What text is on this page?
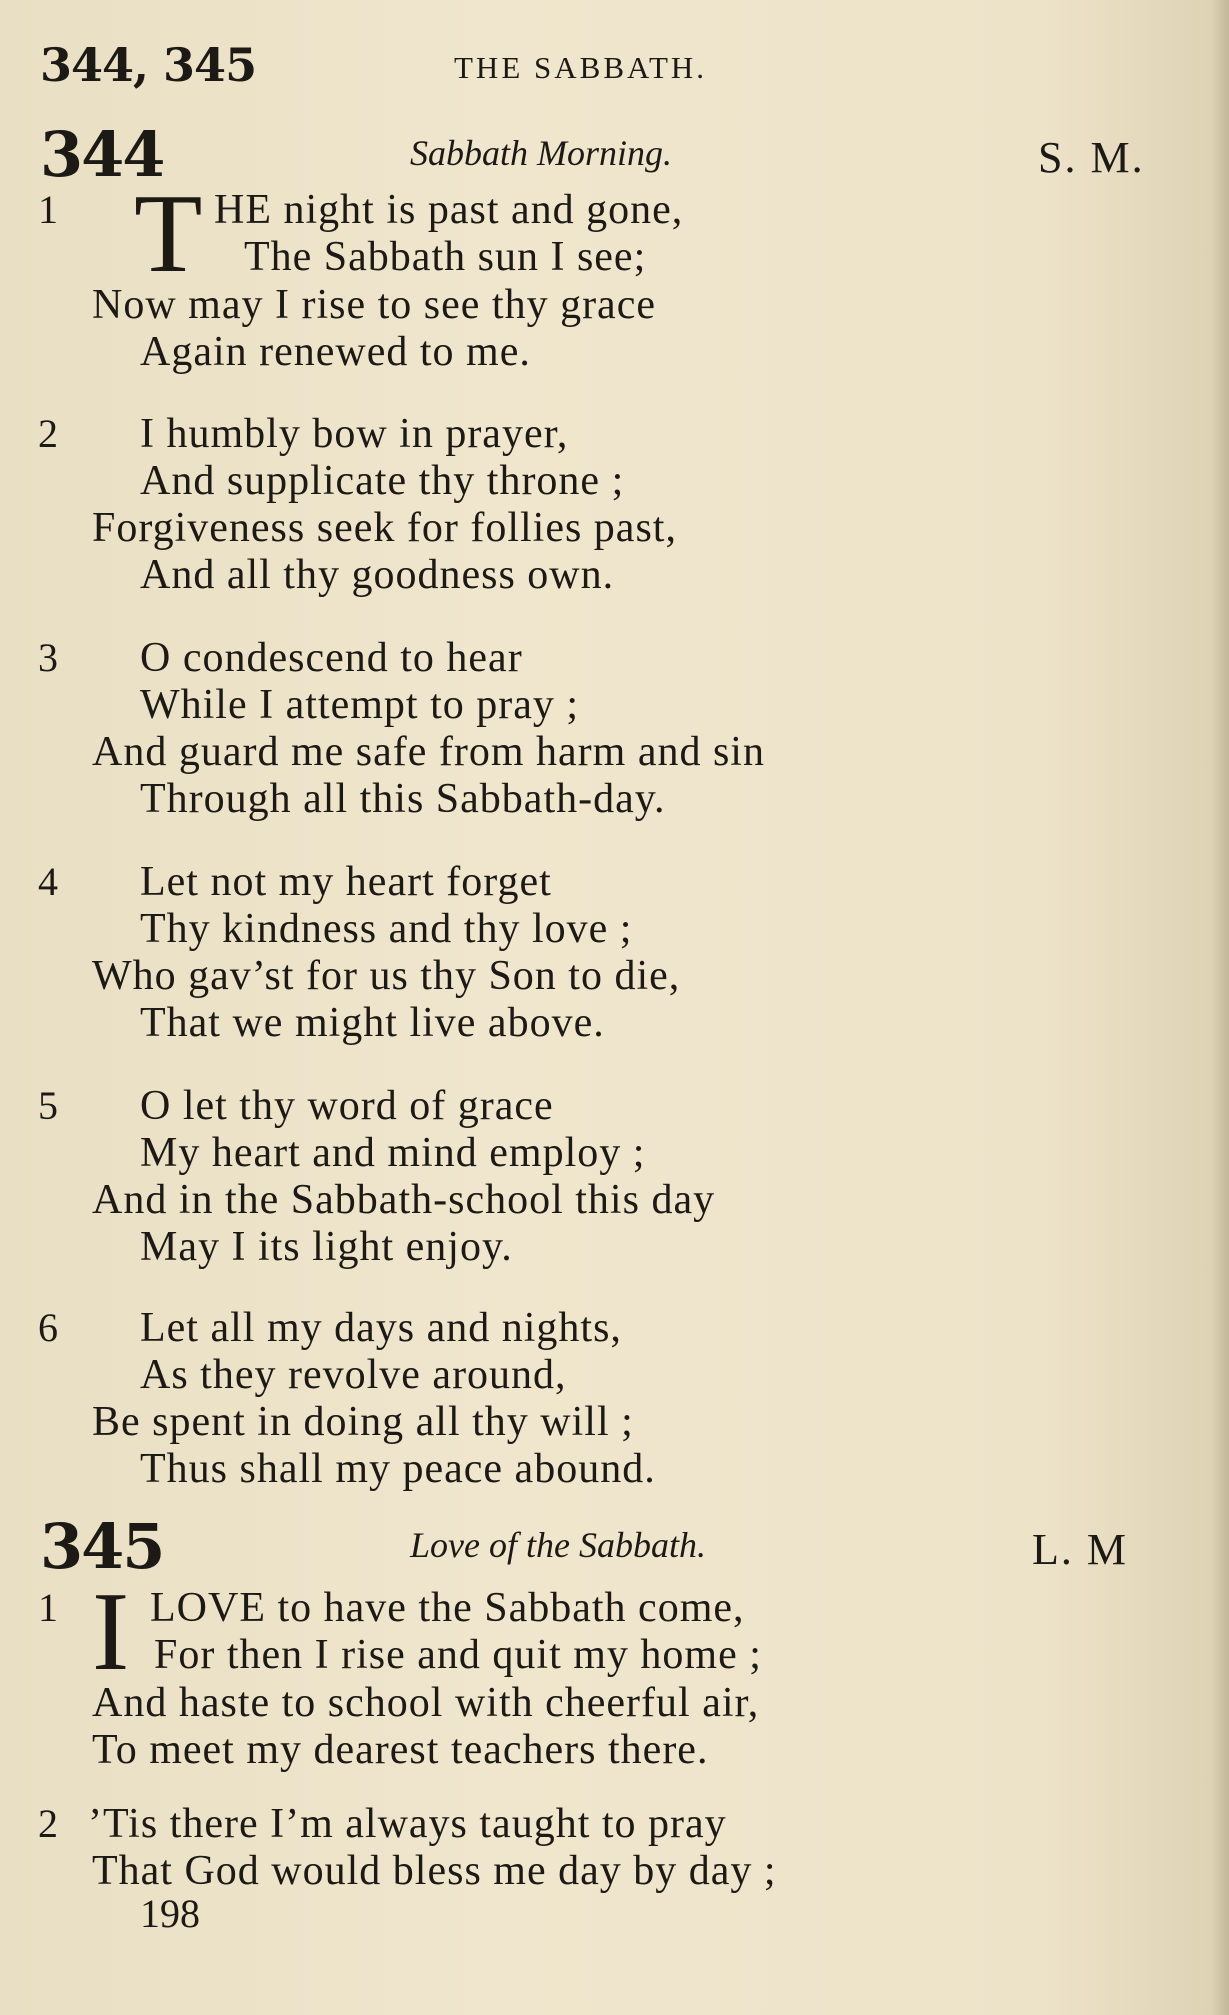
344, 345	THE SABBATH.
344	Sabbath Morning.	S. M.
1 T HE night is past and gone,
The Sabbath sun I see;
Now may I rise to see thy grace
Again renewed to me.
2 I humbly bow in prayer,
And supplicate thy throne ;
Forgiveness seek for follies past,
And all thy goodness own.
3 O condescend to hear
While I attempt to pray ;
And guard me safe from harm and sin
Through all this Sabbath-day.
4 Let not my heart forget
Thy kindness and thy love ;
Who gav’st for us thy Son to die,
That we might live above.
5 O let thy word of grace
My heart and mind employ ;
And in the Sabbath-school this day
May I its light enjoy.
6 Let all my days and nights,
As they revolve around,
Be spent in doing all thy will ;
Thus shall my peace abound.
345	Love of the Sabbath.	L. M
1 I LOVE to have the Sabbath come,
For then I rise and quit my home ;
And haste to school with cheerful air,
To meet my dearest teachers there.
2 ’Tis there I’m always taught to pray
That God would bless me day by day ;
198
